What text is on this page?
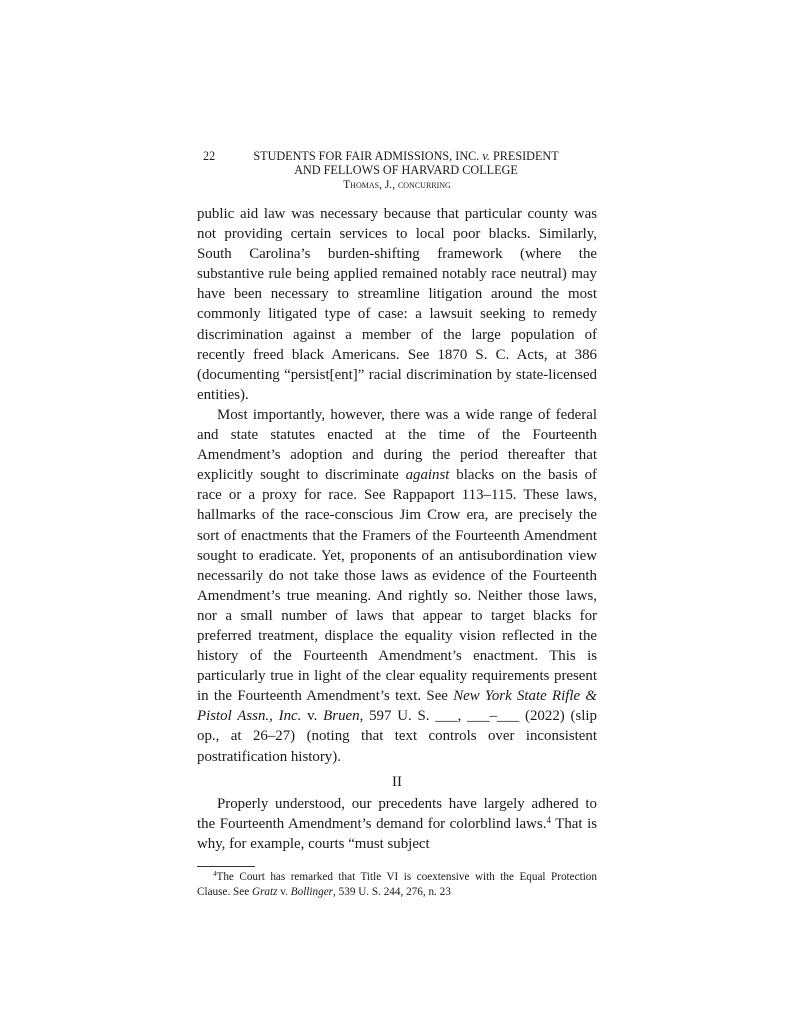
22	STUDENTS FOR FAIR ADMISSIONS, INC. v. PRESIDENT
AND FELLOWS OF HARVARD COLLEGE
Thomas, J., concurring

public aid law was necessary because that particular county was not providing certain services to local poor blacks. Similarly, South Carolina’s burden-shifting framework (where the substantive rule being applied remained notably race neutral) may have been necessary to streamline litigation around the most commonly litigated type of case: a lawsuit seeking to remedy discrimination against a member of the large population of recently freed black Americans. See 1870 S. C. Acts, at 386 (documenting “persist[ent]” racial discrimination by state-licensed entities).

Most importantly, however, there was a wide range of federal and state statutes enacted at the time of the Fourteenth Amendment’s adoption and during the period thereafter that explicitly sought to discriminate against blacks on the basis of race or a proxy for race. See Rappaport 113–115. These laws, hallmarks of the race-conscious Jim Crow era, are precisely the sort of enactments that the Framers of the Fourteenth Amendment sought to eradicate. Yet, proponents of an antisubordination view necessarily do not take those laws as evidence of the Fourteenth Amendment’s true meaning. And rightly so. Neither those laws, nor a small number of laws that appear to target blacks for preferred treatment, displace the equality vision reflected in the history of the Fourteenth Amendment’s enactment. This is particularly true in light of the clear equality requirements present in the Fourteenth Amendment’s text. See New York State Rifle & Pistol Assn., Inc. v. Bruen, 597 U. S. ___, ___–___ (2022) (slip op., at 26–27) (noting that text controls over inconsistent postratification history).

II

Properly understood, our precedents have largely adhered to the Fourteenth Amendment’s demand for colorblind laws.$^4$ That is why, for example, courts “must subject

$^4$The Court has remarked that Title VI is coextensive with the Equal Protection Clause. See Gratz v. Bollinger, 539 U. S. 244, 276, n. 23
